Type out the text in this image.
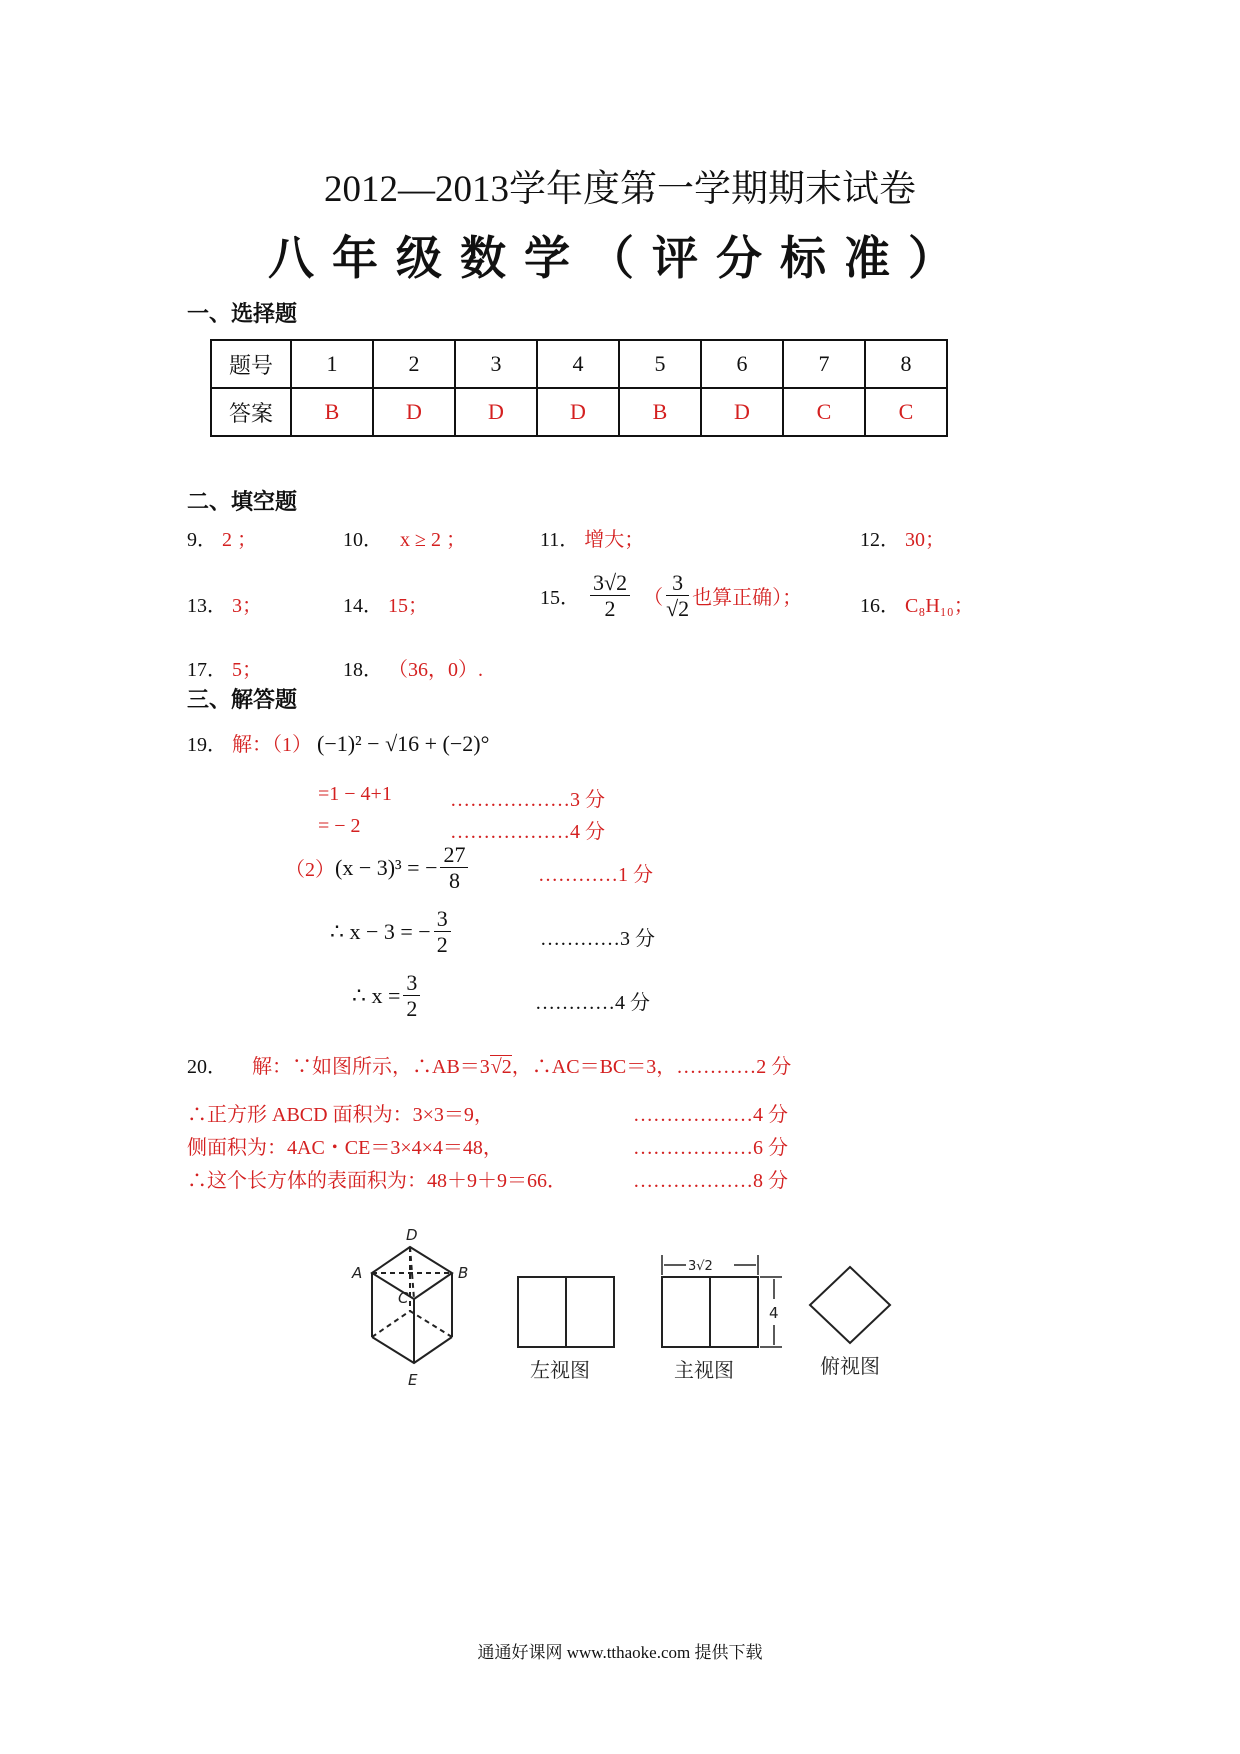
2012—2013学年度第一学期期末试卷
八年级数学（评分标准）
一、选择题
题号	1	2	3	4	5	6	7	8
答案	B	D	D	D	B	D	C	C
二、填空题
9． 2 ；	10． x ≥ 2 ；	11． 增大；	12． 30；
13． 3；	14． 15；	15． $\frac{3√2}{2}$ （ $\frac{3}{√2}$ 也算正确）；	16． C₈H₁₀；
17． 5；	18． （36，0）.
三、解答题
19． 解：（1） (−1)² − √16 + (−2)°
=1 − 4+1	………………3 分
= − 2	………………4 分
（2） (x − 3)³ = − $\frac{27}{8}$	…………1 分
∴ x − 3 = − $\frac{3}{2}$	…………3 分
∴ $x = \frac{3}{2}$	…………4 分
20． 解：∵如图所示，∴AB＝3√2，∴AC＝BC＝3，…………2 分
∴正方形 ABCD 面积为：3×3＝9，	………………4 分
侧面积为：4AC・CE＝3×4×4＝48，	………………6 分
∴这个长方体的表面积为：48＋9＋9＝66．	………………8 分
D
A	B
C
E	左视图
3√2
4
主视图	俯视图
通通好课网 www.tthaoke.com 提供下载
